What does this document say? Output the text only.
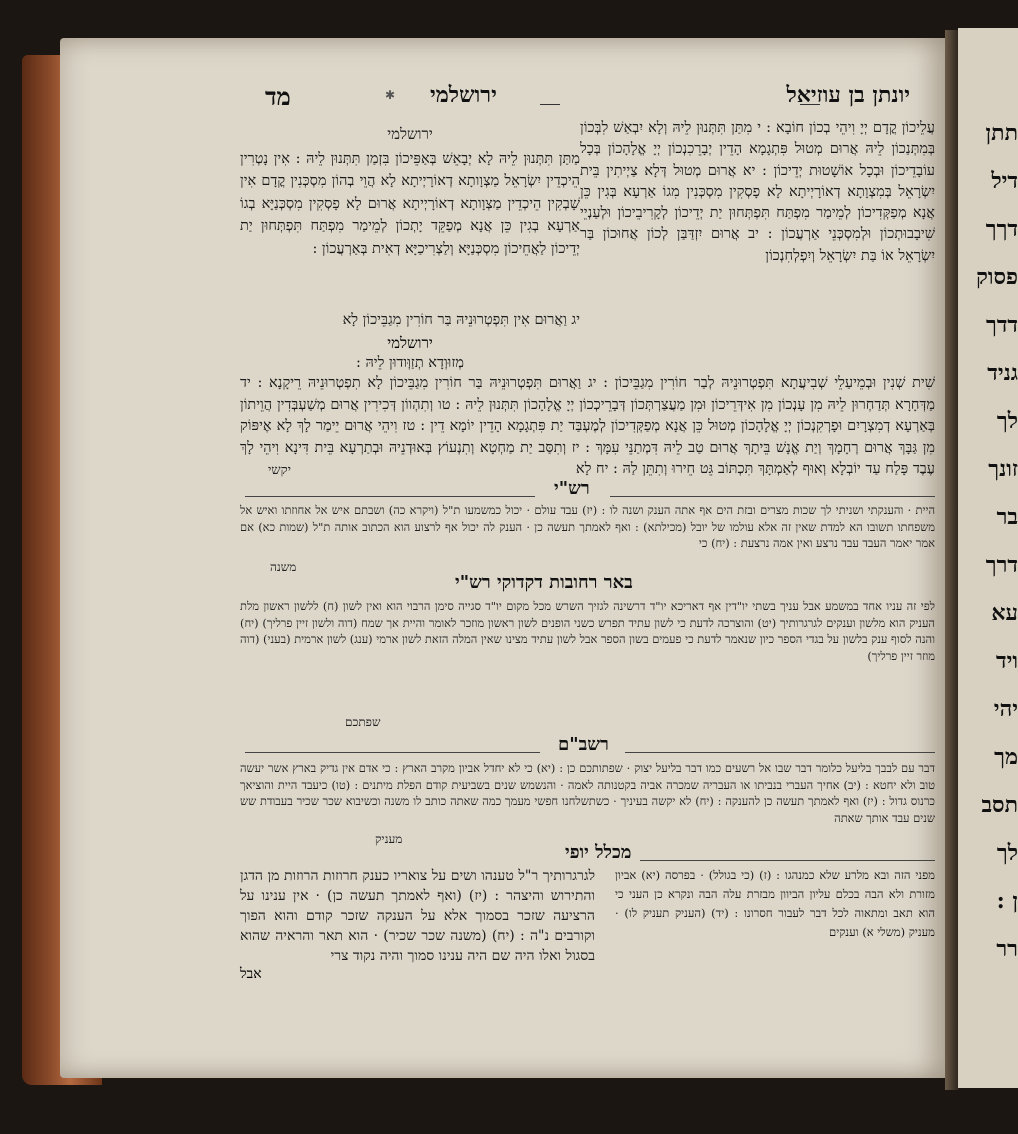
תתן
דיל
דךך
פסוק
דדך
גניד
לך
זונך
בר
דרך
עא
ויד
יהי
מך
תסב
לך
ן :
רר
מד	✱ ירושלמי	יונתן בן עוזיאל
ירושלמי

מַתַּן תִּתְּנוּן לֵיהּ לָא יְבָאֵשׁ בְּאַפֵּיכוֹן בִּזְמַן תִּתְּנוּן לֵיהּ : אִין נָטְרִין הֵיכְדֵין יִשְׂרָאֵל מַצְוָותָא דְאוֹרָיְיתָא לָא הֲוֵי בְהוֹן מִסְכְּנִין קֳדָם אִין שָׁבְקִין הֵיכְדֵין מַצְוָותָא דְאוֹרָיְיתָא אֲרוּם לָא פָסְקִין מִסְכְּנַיָּא בְגוֹ אַרְעָא בְגִין כֵּן אֲנָא מְפַקֵּד יָתְכוֹן לְמֵימַר מִפְתַּח תִּפְתְּחוּן יַת יְדֵיכוֹן לַאֲחֵיכוֹן מִסְכְּנַיָּא וְלַצְרִיכַיָּא דְאִית בְּאַרְעֲכוֹן :

עֲלֵיכוֹן קֳדָם יְיָ וִיהֵי בְכוֹן חוֹבָא : י מִתַּן תִּתְּנוּן לֵיהּ וְלָא יִבְאַשׁ לִבְּכוֹן בְּמִתְּנַכוֹן לֵיהּ אֲרוּם מְטוּל פִּתְגָמָא הָדֵין יְבָרֵכִנְכוֹן יְיָ אֱלָהָכוֹן בְּכָל עוֹבָדֵיכוֹן וּבְכָל אוֹשָׁטוּת יְדֵיכוֹן : יא אֲרוּם מְטוּל דְּלָא צַיְיתִין בֵּית יִשְׂרָאֵל בְּמִצְוָתָא דְאוֹרָיְיתָא לָא פָסְקִין מִסְכְּנִין מִגוֹ אַרְעָא בְּגִין כֵּן אֲנָא מְפַקְּדִיכוֹן לְמֵימַר מִפְתַּח תִּפְתְּחוּן יַת יְדֵיכוֹן לְקָרִיבֵיכוֹן וּלְעַנְיֵי שִׁיבָבוּתְכוֹן וּלְמִסְכְּנֵי אַרְעֲכוֹן : יב אֲרוּם יִזְדַּבַּן לְכוֹן אֲחוּכוֹן בַּר יִשְׂרָאֵל אוֹ בַּת יִשְׂרָאֵל וְיִפְלְחִנְכוֹן

יג וַאֲרוּם אִין תִּפְטְרוּנֵיהּ בַּר חוֹרִין מִגַבֵּיכוֹן לָא

ירושלמי

מְזוּוְדָא תְזַוְּודוּן לֵיהּ :

שִׁית שְׁנִין וּבְמֵיעַלֵי שְׁבִיעֲתָא תִּפְטְרוּנֵיהּ לְבַר חוֹרִין מִגַבֵּיכוֹן : יג וַאֲרוּם תִּפְטְרוּנֵיהּ בַּר חוֹרִין מִגַבֵּיכוֹן לָא תִפְטְרוּנֵיהּ רֵיקָנָא : יד מַדְּחָרָא תְּדַחְרוּן לֵיהּ מִן עָנְכוֹן מִן אִידְּרֵיכוֹן וּמִן מַעֲצַרְתְּכוֹן דְּבָרֵיכְכוֹן יְיָ אֱלָהָכוֹן תִּתְּנוּן לֵיהּ : טו וְתִהְווֹן דְּכִירִין אֲרוּם מְשַׁעְבְּדִין הֲוֵיתוֹן בְּאַרְעָא דְמִצְרָיִם וּפָרְקִנְכוֹן יְיָ אֱלָהָכוֹן מְטוּל כֵּן אֲנָא מְפַקְּדִיכוֹן לְמֶעְבַּד יַת פִּתְגָמָא הָדֵין יוֹמָא דֵין : טז וִיהֵי אֲרוּם יֵימַר לָךְ לָא אֶיפּוֹק מִן גַּבָּךְ אֲרוּם רְחָמָךְ וְיַת אֱנָשׁ בֵּיתָךְ אֲרוּם טַב לֵיהּ דִּמְתַנֵּי עִמָּךְ : יז וְתִסַּב יַת מַחְטָא וְתִנְעוֹץ בְּאוּדְנֵיהּ וּבְתַרְעָא בֵּית דִּינָא וִיהֵי לָךְ עֶבֶד פָּלַח עַד יוֹבְלָא וְאוּף לְאַמְתָּךְ תִּכְתּוֹב גֵּט חֵירוּ וְתִתֵּן לַהּ : יח לָא

יקשי
רש"י

היית · והענקתי ושניתי לך שכות מצרים ובזת הים אף אתה הענק ושנה לו : (יז) עבד עולם · יכול כמשמעו ת"ל (ויקרא כה) ושבתם איש אל אחוזתו ואיש אל משפחתו תשובו הא למדת שאין זה אלא עולמו של יובל (מכילתא) : ואף לאמתך תעשה כן · הענק לה יכול אף לרצוע הוא הכתוב אותה ת"ל (שמות כא) אם אמר יאמר העבד עבד נרצע ואין אמה נרצעת : (יח) כי

משנה
באר רחובות דקדוקי רש"י

לפי זה עניו אחד במשמע אבל עניך בשתי יו"דין אף דאריכא יו"ד דרשינה לגזיך השרש מכל מקום יו"ד סגייה סימן הרבוי הוא ואין לשון (ח) ללשון ראשון מלת העניק הוא מלשון וענקים לגרגרותיך (יט) והוצרכה לדעת כי לשון עתיד תפרש כשני הופנים לשון ראשון מוזכר לאומר והיית אך שמח (דוה ולשון זיין פרליך) (יח) והנה לסוף ענק בלשון על בגדי הספר כיון שנאמר לדעת כי פעמים בשון הספר אבל לשון עתיד מצינו שאין המלה הזאת לשון ארמי (ענג) לשון ארמית (בעני) (דוה מוזר זיין פרליך)

שפתכם
רשב"ם

דבר עם לבבך בליעל כלומר דבר שבו אל רשעים כמו דבר בליעל יצוק · שפתותכם כן : (יא) כי לא יחדל אביון מקרב הארץ : כי אדם אין גדיק בארץ אשר יעשה טוב ולא יחטא : (יב) אחיך העברי בנביתו או העבריה שמכרה אביה בקטנותה לאמה · והנשמש שנים בשביעית קודם הפלת מיתנים : (טו) כיעבד היית והוציאך כרנוס גדול : (יז) ואף לאמתך תעשה כן להענקה : (יח) לא יקשה בעיניך · כשתשלחנו חפשי מעמך כמה שאתה כותב לו משנה וכשיבוא שכר שכיר בעבודת שש שנים עבד אותך שאתה

מעניק
מכלל יופי

מפני הזה ובא מלרע שלא כמנהגו : (ז) (כי בגולל) · בפרסה (יא) אביון מזורת ולא הבה בכלם עליון הביוון מבזרת עלה הבה ונקרא כן העני כי הוא תאב ומתאוה לכל דבר לעבור חסרונו : (יד) (העניק תעניק לו) · מעניק (משלי א) וענקים

לגרגרותיך ר"ל טענהו ושים על צואריו כענק חרוזות הרוזות מן הדגן והתירוש והיצהר : (יז) (ואף לאמתך תעשה כן) · אין ענינו על הרציעה שזכר בסמוך אלא על הענקה שזכר קודם והוא הפוך וקורבים נ"ה : (יח) (משנה שכר שכיר) · הוא תאר והראיה שהוא בסגול ואלו היה שם היה ענינו סמוך והיה נקוד צרי

אבל
